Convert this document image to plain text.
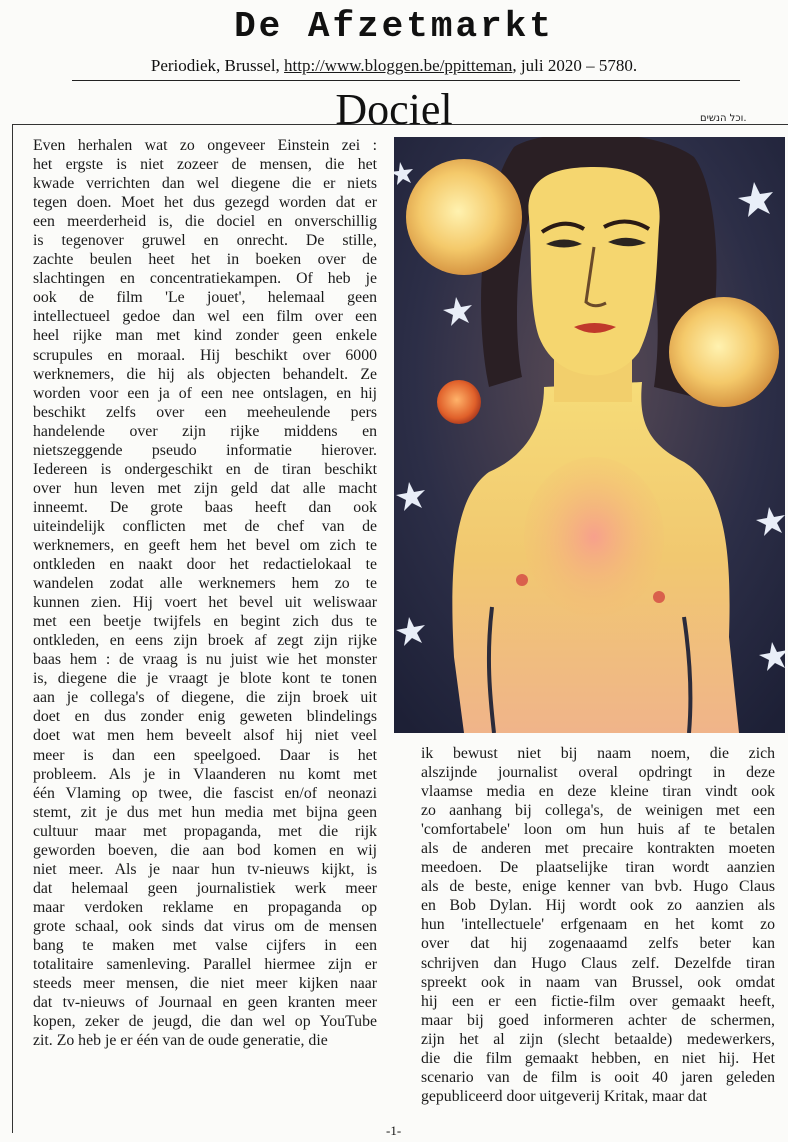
De Afzetmarkt
Periodiek, Brussel, http://www.bloggen.be/ppitteman, juli 2020 – 5780.
Dociel	וכל הנשים.
Even herhalen wat zo ongeveer Einstein zei :
het ergste is niet zozeer de mensen, die het
kwade verrichten dan wel diegene die er niets
tegen doen. Moet het dus gezegd worden dat er
een meerderheid is, die dociel en onverschillig
is tegenover gruwel en onrecht. De stille,
zachte beulen heet het in boeken over de
slachtingen en concentratiekampen. Of heb je
ook de film 'Le jouet', helemaal geen
intellectueel gedoe dan wel een film over een
heel rijke man met kind zonder geen enkele
scrupules en moraal. Hij beschikt over 6000
werknemers, die hij als objecten behandelt. Ze
worden voor een ja of een nee ontslagen, en hij
beschikt zelfs over een meeheulende pers
handelende over zijn rijke middens en
nietszeggende pseudo informatie hierover.
Iedereen is ondergeschikt en de tiran beschikt
over hun leven met zijn geld dat alle macht
inneemt. De grote baas heeft dan ook
uiteindelijk conflicten met de chef van de
werknemers, en geeft hem het bevel om zich te
ontkleden en naakt door het redactielokaal te
wandelen zodat alle werknemers hem zo te
kunnen zien. Hij voert het bevel uit weliswaar
met een beetje twijfels en begint zich dus te
ontkleden, en eens zijn broek af zegt zijn rijke
baas hem : de vraag is nu juist wie het monster
is, diegene die je vraagt je blote kont te tonen
aan je collega's of diegene, die zijn broek uit
doet en dus zonder enig geweten blindelings
doet wat men hem beveelt alsof hij niet veel
meer is dan een speelgoed. Daar is het
probleem. Als je in Vlaanderen nu komt met
één Vlaming op twee, die fascist en/of neonazi
stemt, zit je dus met hun media met bijna geen
cultuur maar met propaganda, met die rijk
geworden boeven, die aan bod komen en wij
niet meer. Als je naar hun tv-nieuws kijkt, is
dat helemaal geen journalistiek werk meer
maar verdoken reklame en propaganda op
grote schaal, ook sinds dat virus om de mensen
bang te maken met valse cijfers in een
totalitaire samenleving. Parallel hiermee zijn er
steeds meer mensen, die niet meer kijken naar
dat tv-nieuws of Journaal en geen kranten meer
kopen, zeker de jeugd, die dan wel op YouTube
zit. Zo heb je er één van de oude generatie, die
ik bewust niet bij naam noem, die zich
alszijnde journalist overal opdringt in deze
vlaamse media en deze kleine tiran vindt ook
zo aanhang bij collega's, de weinigen met een
'comfortabele' loon om hun huis af te betalen
als de anderen met precaire kontrakten moeten
meedoen. De plaatselijke tiran wordt aanzien
als de beste, enige kenner van bvb. Hugo Claus
en Bob Dylan. Hij wordt ook zo aanzien als
hun 'intellectuele' erfgenaam en het komt zo
over dat hij zogenaaamd zelfs beter kan
schrijven dan Hugo Claus zelf. Dezelfde tiran
spreekt ook in naam van Brussel, ook omdat
hij een er een fictie-film over gemaakt heeft,
maar bij goed informeren achter de schermen,
zijn het al zijn (slecht betaalde) medewerkers,
die die film gemaakt hebben, en niet hij. Het
scenario van de film is ooit 40 jaren geleden
gepubliceerd door uitgeverij Kritak, maar dat
-1-
